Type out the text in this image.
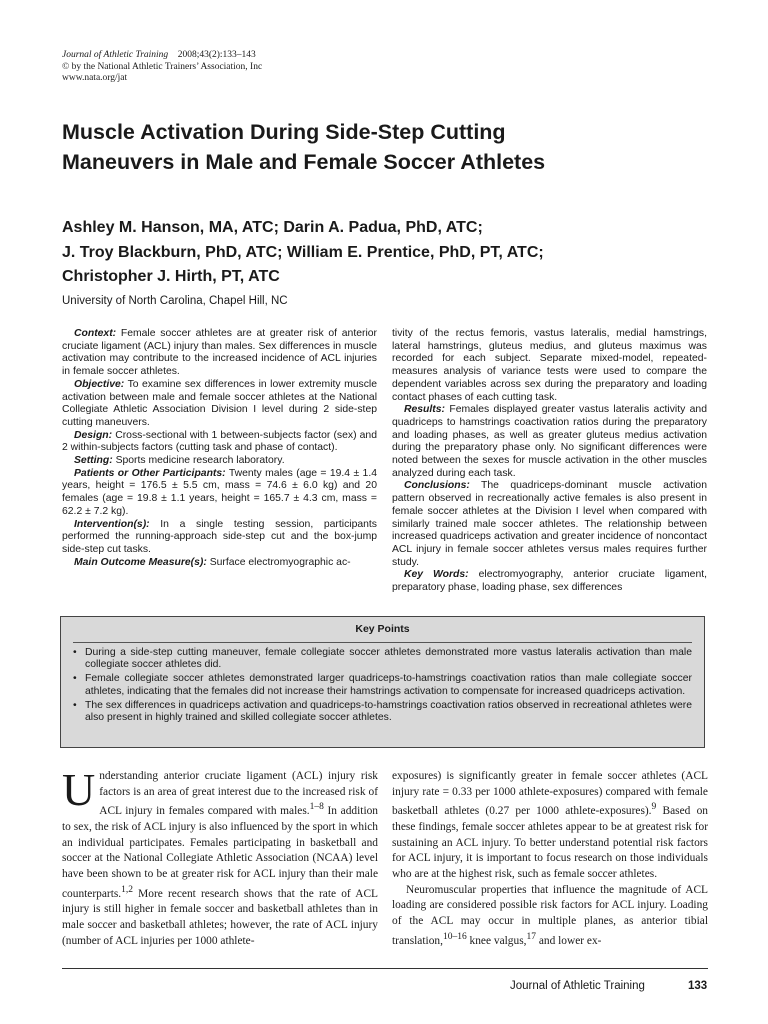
Journal of Athletic Training 2008;43(2):133–143
© by the National Athletic Trainers’ Association, Inc
www.nata.org/jat
Muscle Activation During Side-Step Cutting Maneuvers in Male and Female Soccer Athletes
Ashley M. Hanson, MA, ATC; Darin A. Padua, PhD, ATC;
J. Troy Blackburn, PhD, ATC; William E. Prentice, PhD, PT, ATC;
Christopher J. Hirth, PT, ATC
University of North Carolina, Chapel Hill, NC

Context: Female soccer athletes are at greater risk of anterior cruciate ligament (ACL) injury than males. Sex differences in muscle activation may contribute to the increased incidence of ACL injuries in female soccer athletes.

Objective: To examine sex differences in lower extremity muscle activation between male and female soccer athletes at the National Collegiate Athletic Association Division I level during 2 side-step cutting maneuvers.

Design: Cross-sectional with 1 between-subjects factor (sex) and 2 within-subjects factors (cutting task and phase of contact).

Setting: Sports medicine research laboratory.

Patients or Other Participants: Twenty males (age = 19.4 ± 1.4 years, height = 176.5 ± 5.5 cm, mass = 74.6 ± 6.0 kg) and 20 females (age = 19.8 ± 1.1 years, height = 165.7 ± 4.3 cm, mass = 62.2 ± 7.2 kg).

Intervention(s): In a single testing session, participants performed the running-approach side-step cut and the box-jump side-step cut tasks.

Main Outcome Measure(s): Surface electromyographic ac-

tivity of the rectus femoris, vastus lateralis, medial hamstrings, lateral hamstrings, gluteus medius, and gluteus maximus was recorded for each subject. Separate mixed-model, repeated-measures analysis of variance tests were used to compare the dependent variables across sex during the preparatory and loading contact phases of each cutting task.

Results: Females displayed greater vastus lateralis activity and quadriceps to hamstrings coactivation ratios during the preparatory and loading phases, as well as greater gluteus medius activation during the preparatory phase only. No significant differences were noted between the sexes for muscle activation in the other muscles analyzed during each task.

Conclusions: The quadriceps-dominant muscle activation pattern observed in recreationally active females is also present in female soccer athletes at the Division I level when compared with similarly trained male soccer athletes. The relationship between increased quadriceps activation and greater incidence of noncontact ACL injury in female soccer athletes versus males requires further study.

Key Words: electromyography, anterior cruciate ligament, preparatory phase, loading phase, sex differences

Key Points
• During a side-step cutting maneuver, female collegiate soccer athletes demonstrated more vastus lateralis activation than male collegiate soccer athletes did.
• Female collegiate soccer athletes demonstrated larger quadriceps-to-hamstrings coactivation ratios than male collegiate soccer athletes, indicating that the females did not increase their hamstrings activation to compensate for increased quadriceps activation.
• The sex differences in quadriceps activation and quadriceps-to-hamstrings coactivation ratios observed in recreational athletes were also present in highly trained and skilled collegiate soccer athletes.

Understanding anterior cruciate ligament (ACL) injury risk factors is an area of great interest due to the increased risk of ACL injury in females compared with males.$^{1-8}$ In addition to sex, the risk of ACL injury is also influenced by the sport in which an individual participates. Females participating in basketball and soccer at the National Collegiate Athletic Association (NCAA) level have been shown to be at greater risk for ACL injury than their male counterparts.$^{1,2}$ More recent research shows that the rate of ACL injury is still higher in female soccer and basketball athletes than in male soccer and basketball athletes; however, the rate of ACL injury (number of ACL injuries per 1000 athlete-

exposures) is significantly greater in female soccer athletes (ACL injury rate = 0.33 per 1000 athlete-exposures) compared with female basketball athletes (0.27 per 1000 athlete-exposures).$^9$ Based on these findings, female soccer athletes appear to be at greatest risk for sustaining an ACL injury. To better understand potential risk factors for ACL injury, it is important to focus research on those individuals who are at the highest risk, such as female soccer athletes.

Neuromuscular properties that influence the magnitude of ACL loading are considered possible risk factors for ACL injury. Loading of the ACL may occur in multiple planes, as anterior tibial translation,$^{10-16}$ knee valgus,$^{17}$ and lower ex-

Journal of Athletic Training	133
